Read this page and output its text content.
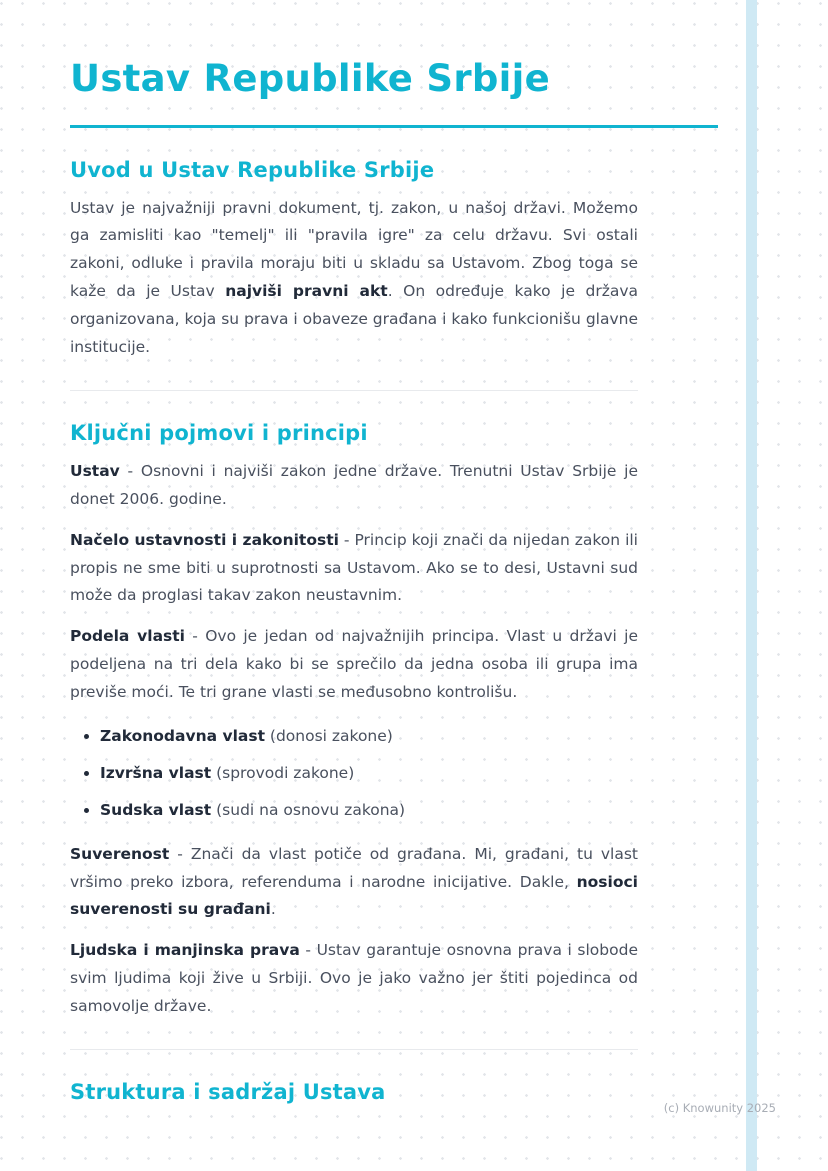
Ustav Republike Srbije
Uvod u Ustav Republike Srbije

Ustav je najvažniji pravni dokument, tj. zakon, u našoj državi. Možemo ga zamisliti kao "temelj" ili "pravila igre" za celu državu. Svi ostali zakoni, odluke i pravila moraju biti u skladu sa Ustavom. Zbog toga se kaže da je Ustav najviši pravni akt. On određuje kako je država organizovana, koja su prava i obaveze građana i kako funkcionišu glavne institucije.

Ključni pojmovi i principi

Ustav - Osnovni i najviši zakon jedne države. Trenutni Ustav Srbije je donet 2006. godine.

Načelo ustavnosti i zakonitosti - Princip koji znači da nijedan zakon ili propis ne sme biti u suprotnosti sa Ustavom. Ako se to desi, Ustavni sud može da proglasi takav zakon neustavnim.

Podela vlasti - Ovo je jedan od najvažnijih principa. Vlast u državi je podeljena na tri dela kako bi se sprečilo da jedna osoba ili grupa ima previše moći. Te tri grane vlasti se međusobno kontrolišu.

• Zakonodavna vlast (donosi zakone)
• Izvršna vlast (sprovodi zakone)
• Sudska vlast (sudi na osnovu zakona)

Suverenost - Znači da vlast potiče od građana. Mi, građani, tu vlast vršimo preko izbora, referenduma i narodne inicijative. Dakle, nosioci suverenosti su građani.

Ljudska i manjinska prava - Ustav garantuje osnovna prava i slobode svim ljudima koji žive u Srbiji. Ovo je jako važno jer štiti pojedinca od samovolje države.

Struktura i sadržaj Ustava
(c) Knowunity 2025
